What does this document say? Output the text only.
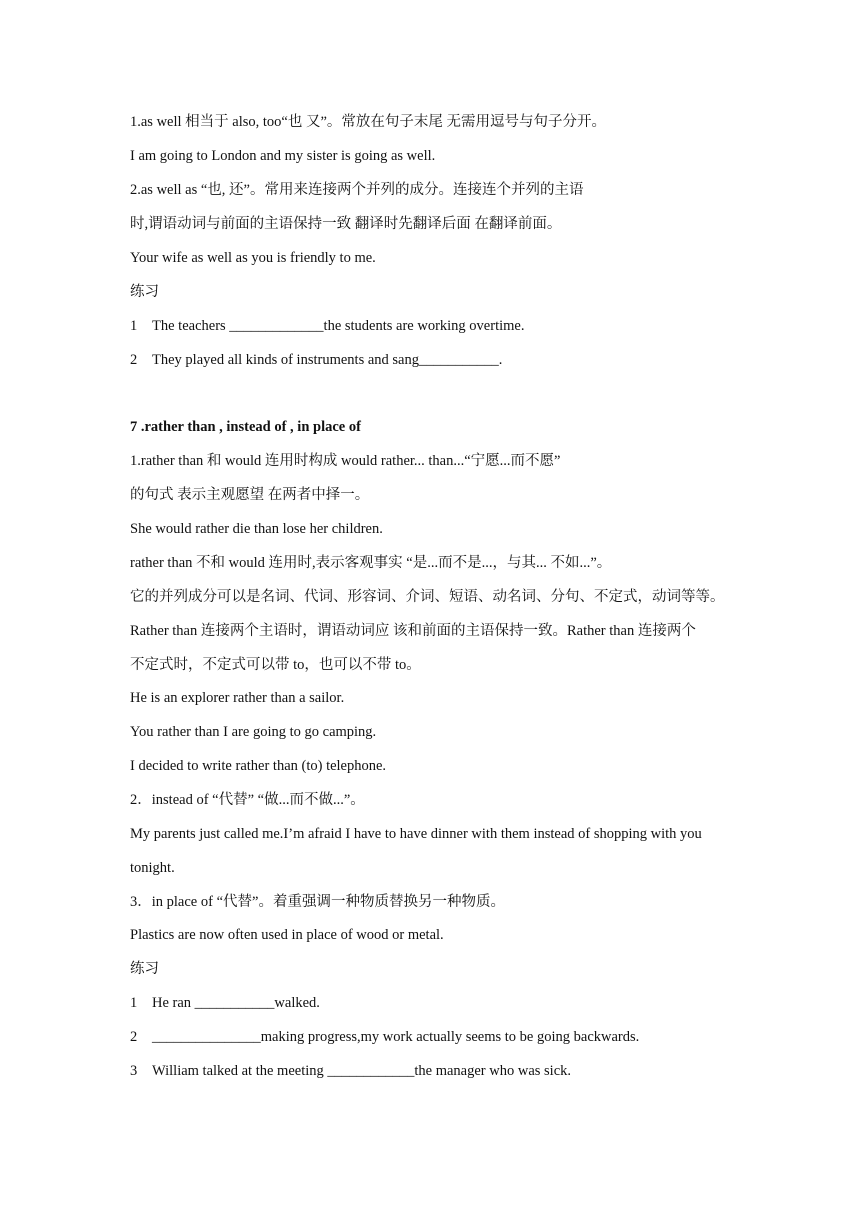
1.as well 相当于 also, too“也 又”。常放在句子末尾 无需用逗号与句子分开。
I am going to London and my sister is going as well.
2.as well as “也, 还”。常用来连接两个并列的成分。连接连个并列的主语
时,谓语动词与前面的主语保持一致 翻译时先翻译后面 在翻译前面。
Your wife as well as you is friendly to me.
练习
1 The teachers _____________the students are working overtime.
2 They played all kinds of instruments and sang___________.
7 .rather than , instead of , in place of
1.rather than 和 would 连用时构成 would rather... than...“宁愿...而不愿”
的句式 表示主观愿望 在两者中择一。
She would rather die than lose her children.
rather than 不和 would 连用时,表示客观事实 “是...而不是...，与其... 不如...”。
它的并列成分可以是名词、代词、形容词、介词、短语、动名词、分句、不定式，动词等等。
Rather than 连接两个主语时，谓语动词应 该和前面的主语保持一致。Rather than 连接两个
不定式时，不定式可以带 to，也可以不带 to。
He is an explorer rather than a sailor.
You rather than I are going to go camping.
I decided to write rather than (to) telephone.
2．instead of “代替” “做...而不做...”。
My parents just called me.I’m afraid I have to have dinner with them instead of shopping with you
tonight.
3．in place of “代替”。着重强调一种物质替换另一种物质。
Plastics are now often used in place of wood or metal.
练习
1 He ran ___________walked.
2 _______________making progress,my work actually seems to be going backwards.
3 William talked at the meeting ____________the manager who was sick.
